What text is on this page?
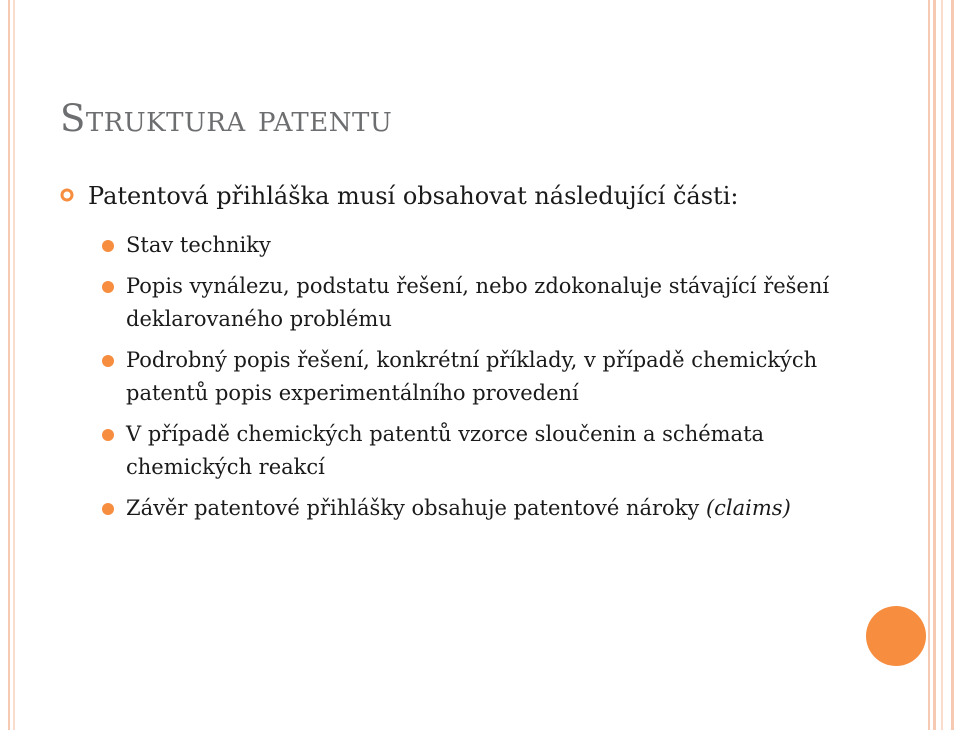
Struktura patentu
Patentová přihláška musí obsahovat následující části:
Stav techniky
Popis vynálezu, podstatu řešení, nebo zdokonaluje stávající řešení deklarovaného problému
Podrobný popis řešení, konkrétní příklady, v případě chemických patentů popis experimentálního provedení
V případě chemických patentů vzorce sloučenin a schémata chemických reakcí
Závěr patentové přihlášky obsahuje patentové nároky (claims)
